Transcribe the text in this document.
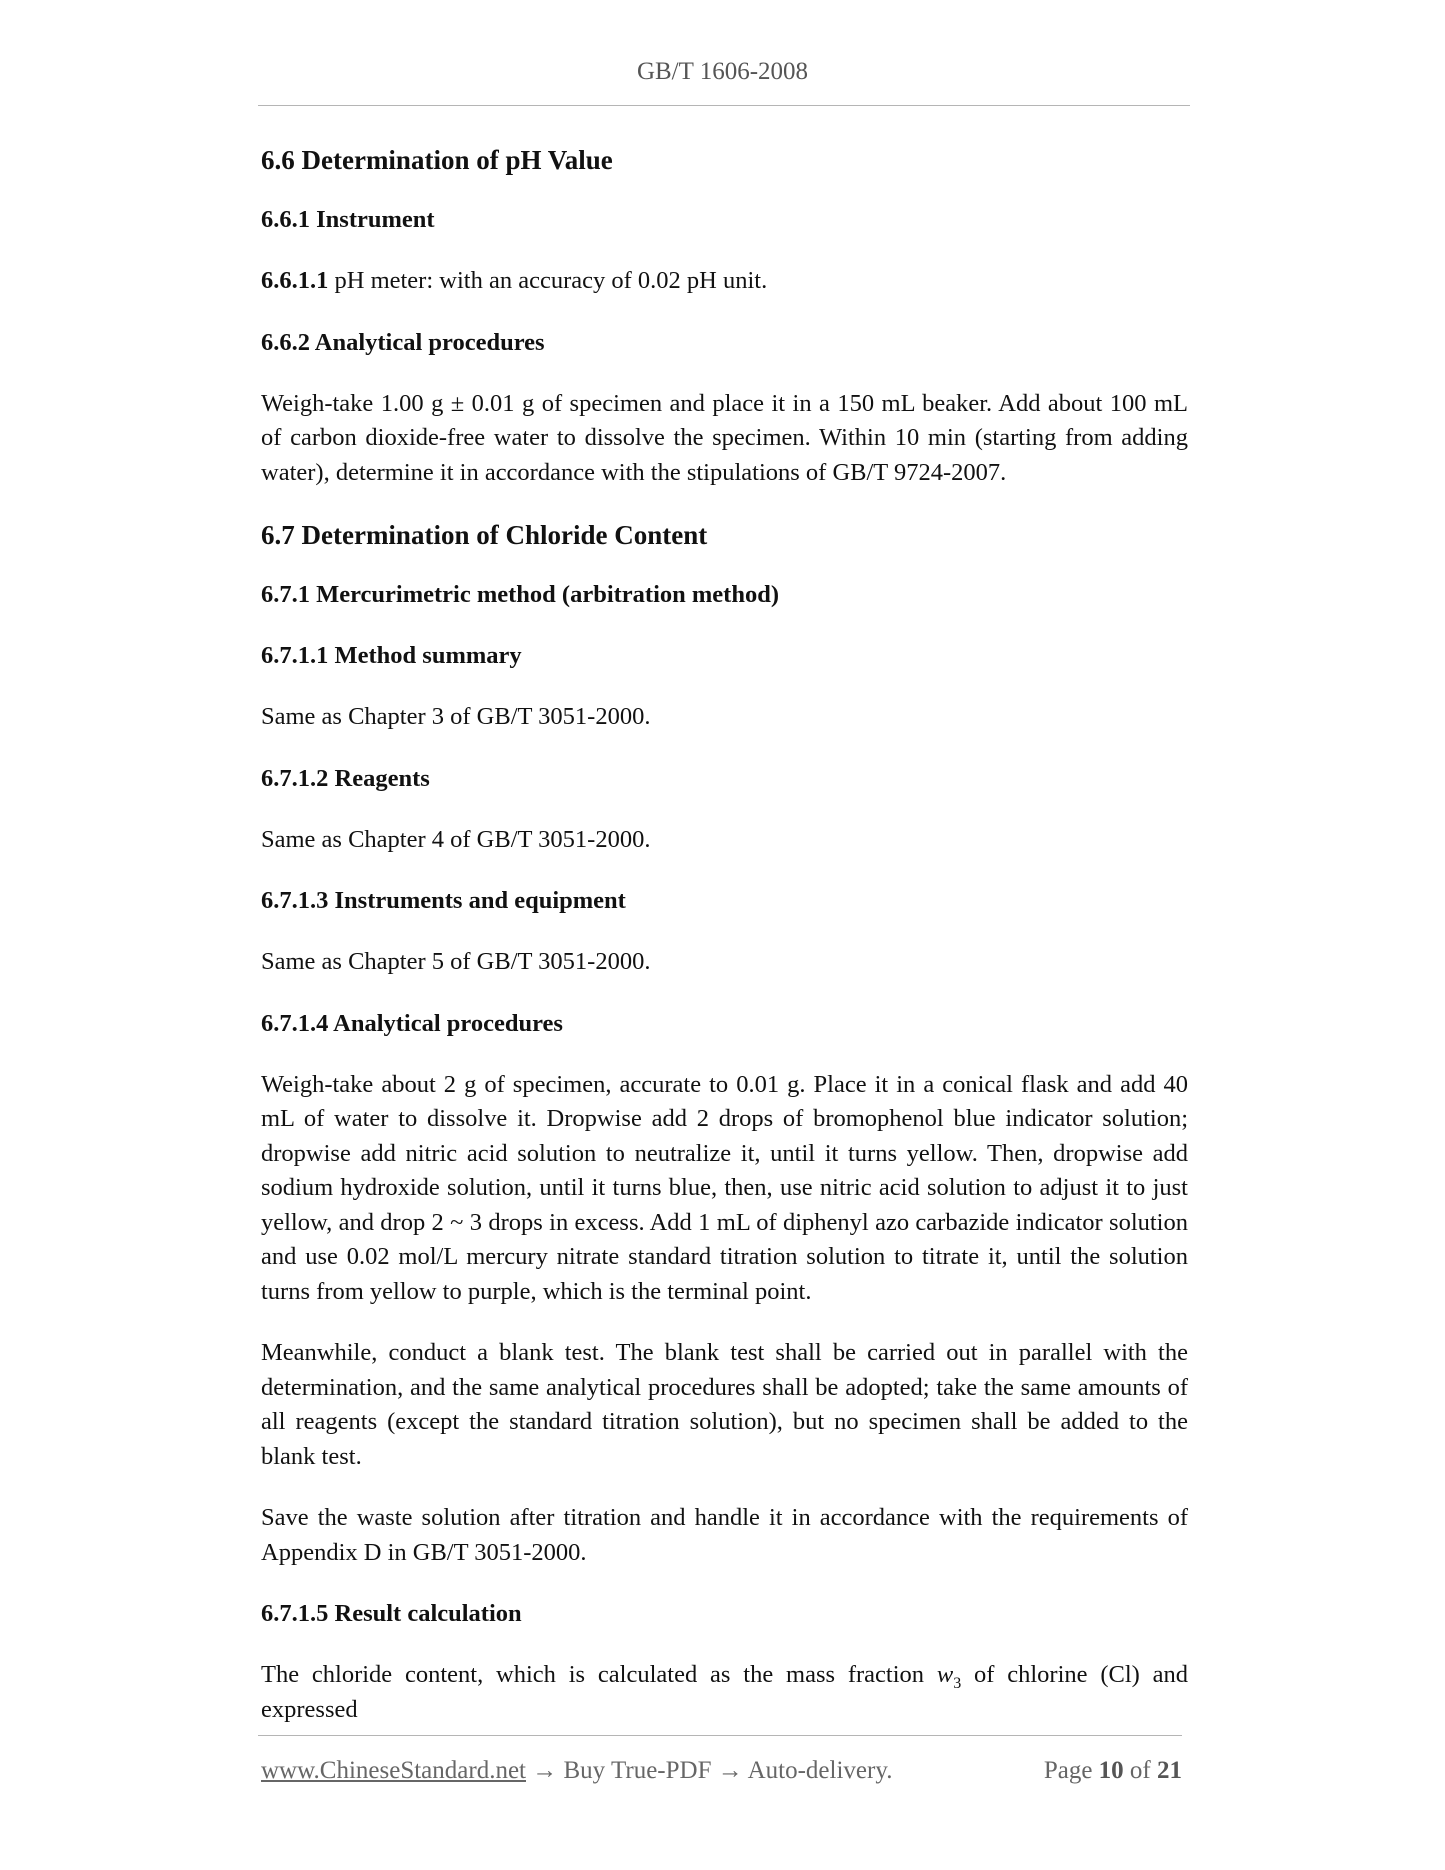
GB/T 1606-2008
6.6 Determination of pH Value
6.6.1 Instrument
6.6.1.1 pH meter: with an accuracy of 0.02 pH unit.
6.6.2 Analytical procedures
Weigh-take 1.00 g ± 0.01 g of specimen and place it in a 150 mL beaker. Add about 100 mL of carbon dioxide-free water to dissolve the specimen. Within 10 min (starting from adding water), determine it in accordance with the stipulations of GB/T 9724-2007.
6.7 Determination of Chloride Content
6.7.1 Mercurimetric method (arbitration method)
6.7.1.1 Method summary
Same as Chapter 3 of GB/T 3051-2000.
6.7.1.2 Reagents
Same as Chapter 4 of GB/T 3051-2000.
6.7.1.3 Instruments and equipment
Same as Chapter 5 of GB/T 3051-2000.
6.7.1.4 Analytical procedures
Weigh-take about 2 g of specimen, accurate to 0.01 g. Place it in a conical flask and add 40 mL of water to dissolve it. Dropwise add 2 drops of bromophenol blue indicator solution; dropwise add nitric acid solution to neutralize it, until it turns yellow. Then, dropwise add sodium hydroxide solution, until it turns blue, then, use nitric acid solution to adjust it to just yellow, and drop 2 ~ 3 drops in excess. Add 1 mL of diphenyl azo carbazide indicator solution and use 0.02 mol/L mercury nitrate standard titration solution to titrate it, until the solution turns from yellow to purple, which is the terminal point.
Meanwhile, conduct a blank test. The blank test shall be carried out in parallel with the determination, and the same analytical procedures shall be adopted; take the same amounts of all reagents (except the standard titration solution), but no specimen shall be added to the blank test.
Save the waste solution after titration and handle it in accordance with the requirements of Appendix D in GB/T 3051-2000.
6.7.1.5 Result calculation
The chloride content, which is calculated as the mass fraction $w_3$ of chlorine (Cl) and expressed
www.ChineseStandard.net → Buy True-PDF → Auto-delivery.	Page 10 of 21
